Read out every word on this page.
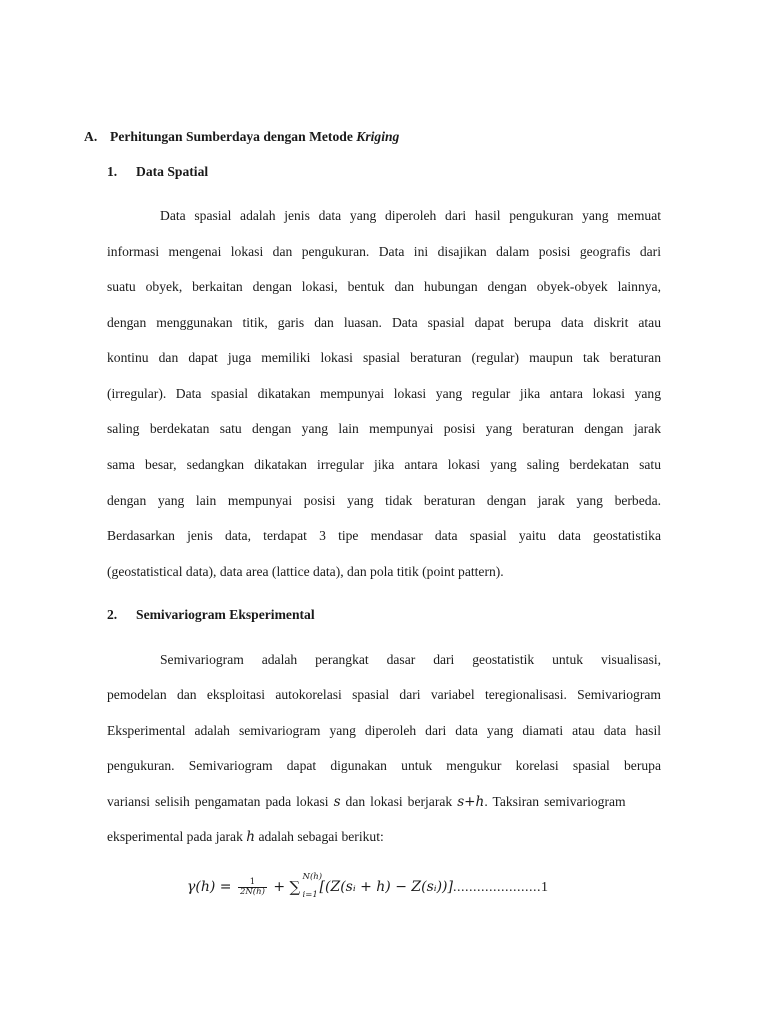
A. Perhitungan Sumberdaya dengan Metode Kriging
1. Data Spatial
Data spasial adalah jenis data yang diperoleh dari hasil pengukuran yang memuat
informasi mengenai lokasi dan pengukuran. Data ini disajikan dalam posisi geografis dari
suatu obyek, berkaitan dengan lokasi, bentuk dan hubungan dengan obyek-obyek lainnya,
dengan menggunakan titik, garis dan luasan. Data spasial dapat berupa data diskrit atau
kontinu dan dapat juga memiliki lokasi spasial beraturan (regular) maupun tak beraturan
(irregular). Data spasial dikatakan mempunyai lokasi yang regular jika antara lokasi yang
saling berdekatan satu dengan yang lain mempunyai posisi yang beraturan dengan jarak
sama besar, sedangkan dikatakan irregular jika antara lokasi yang saling berdekatan satu
dengan yang lain mempunyai posisi yang tidak beraturan dengan jarak yang berbeda.
Berdasarkan jenis data, terdapat 3 tipe mendasar data spasial yaitu data geostatistika
(geostatistical data), data area (lattice data), dan pola titik (point pattern).
2. Semivariogram Eksperimental
Semivariogram adalah perangkat dasar dari geostatistik untuk visualisasi,
pemodelan dan eksploitasi autokorelasi spasial dari variabel teregionalisasi. Semivariogram
Eksperimental adalah semivariogram yang diperoleh dari data yang diamati atau data hasil
pengukuran. Semivariogram dapat digunakan untuk mengukur korelasi spasial berupa
variansi selisih pengamatan pada lokasi s dan lokasi berjarak s+h. Taksiran semivariogram
eksperimental pada jarak h adalah sebagai berikut:
$\gamma(h) = \frac{1}{2N(h)}$ + ∑
N(h)
i=1 [(Z(sᵢ + h) − Z(sᵢ))]......................1
